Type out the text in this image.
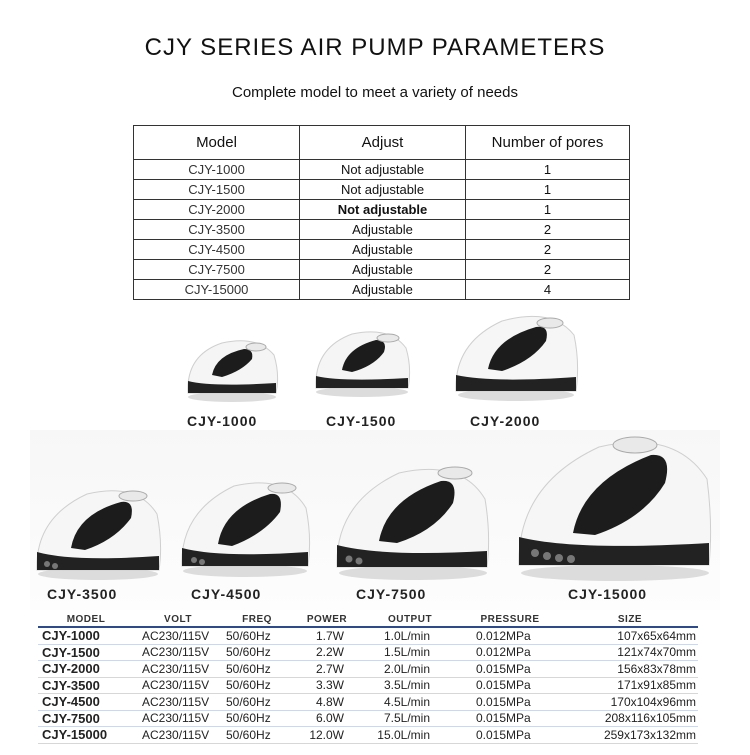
CJY SERIES AIR PUMP PARAMETERS
Complete model to meet a variety of needs
Model	Adjust	Number of pores
CJY-1000	Not adjustable	1
CJY-1500	Not adjustable	1
CJY-2000	Not adjustable	1
CJY-3500	Adjustable	2
CJY-4500	Adjustable	2
CJY-7500	Adjustable	2
CJY-15000	Adjustable	4
CJY-1000	CJY-1500	CJY-2000
CJY-3500	CJY-4500	CJY-7500	CJY-15000
MODEL	VOLT	FREQ	POWER	OUTPUT	PRESSURE	SIZE

CJY-1000	AC230/115V	50/60Hz	1.7W	1.0L/min	0.012MPa	107x65x64mm
CJY-1500	AC230/115V	50/60Hz	2.2W	1.5L/min	0.012MPa	121x74x70mm
CJY-2000	AC230/115V	50/60Hz	2.7W	2.0L/min	0.015MPa	156x83x78mm
CJY-3500	AC230/115V	50/60Hz	3.3W	3.5L/min	0.015MPa	171x91x85mm
CJY-4500	AC230/115V	50/60Hz	4.8W	4.5L/min	0.015MPa	170x104x96mm
CJY-7500	AC230/115V	50/60Hz	6.0W	7.5L/min	0.015MPa	208x116x105mm
CJY-15000	AC230/115V	50/60Hz	12.0W	15.0L/min	0.015MPa	259x173x132mm
